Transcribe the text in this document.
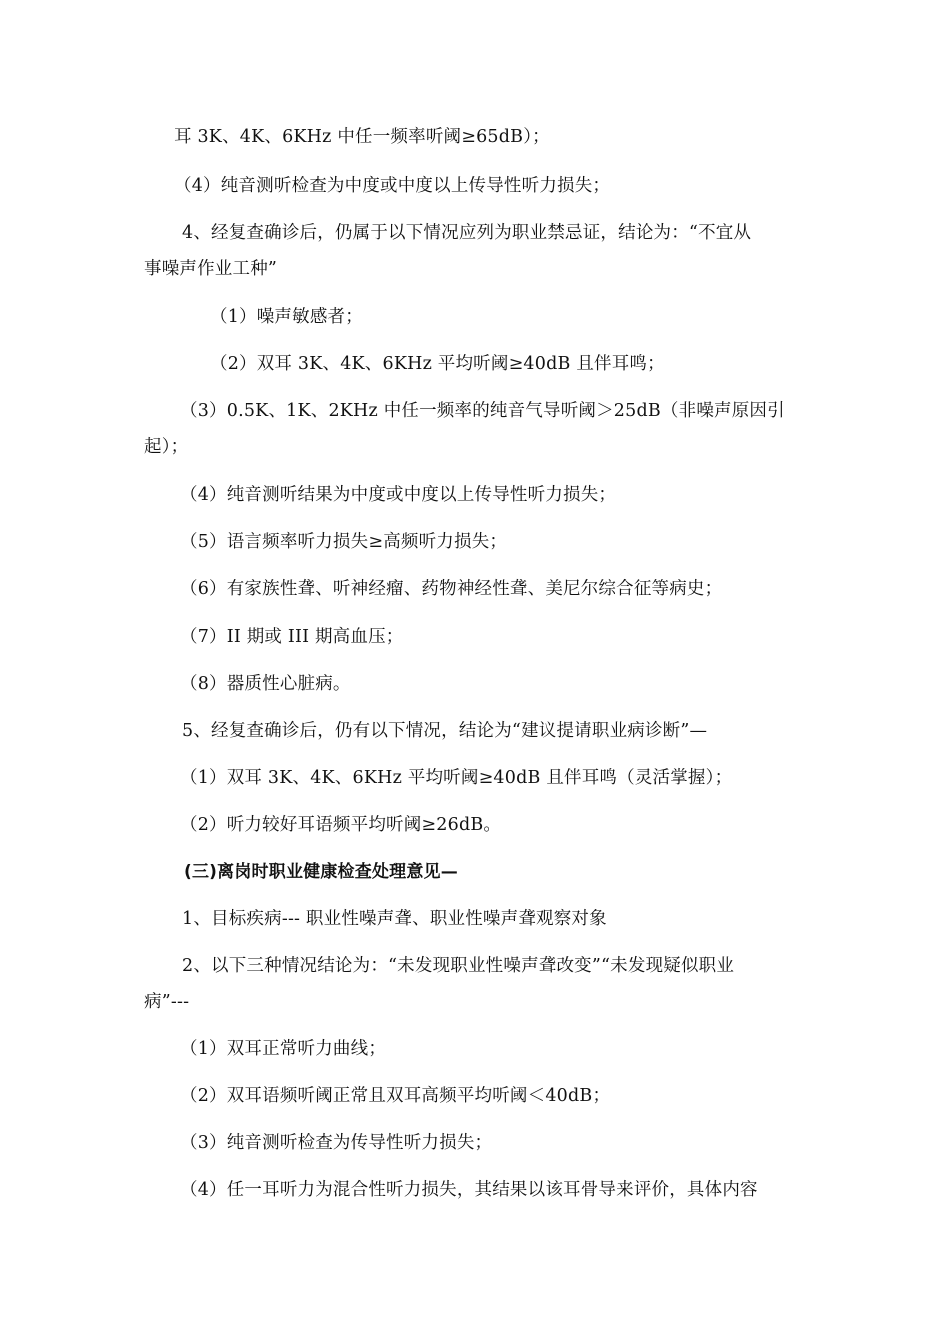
耳 3K、4K、6KHz 中任一频率听阈≥65dB）；
（4）纯音测听检查为中度或中度以上传导性听力损失；
4、经复查确诊后，仍属于以下情况应列为职业禁忌证，结论为：“不宜从
事噪声作业工种”
（1）噪声敏感者；
（2）双耳 3K、4K、6KHz 平均听阈≥40dB 且伴耳鸣；
（3）0.5K、1K、2KHz 中任一频率的纯音气导听阈＞25dB（非噪声原因引
起）；
（4）纯音测听结果为中度或中度以上传导性听力损失；
（5）语言频率听力损失≥高频听力损失；
（6）有家族性聋、听神经瘤、药物神经性聋、美尼尔综合征等病史；
（7）II 期或 III 期高血压；
（8）器质性心脏病。
5、经复查确诊后，仍有以下情况，结论为“建议提请职业病诊断”—
（1）双耳 3K、4K、6KHz 平均听阈≥40dB 且伴耳鸣（灵活掌握）；
（2）听力较好耳语频平均听阈≥26dB。
(三)离岗时职业健康检查处理意见—
1、目标疾病--- 职业性噪声聋、职业性噪声聋观察对象
2、以下三种情况结论为：“未发现职业性噪声聋改变”“未发现疑似职业
病”---
（1）双耳正常听力曲线；
（2）双耳语频听阈正常且双耳高频平均听阈＜40dB；
（3）纯音测听检查为传导性听力损失；
（4）任一耳听力为混合性听力损失，其结果以该耳骨导来评价，具体内容
